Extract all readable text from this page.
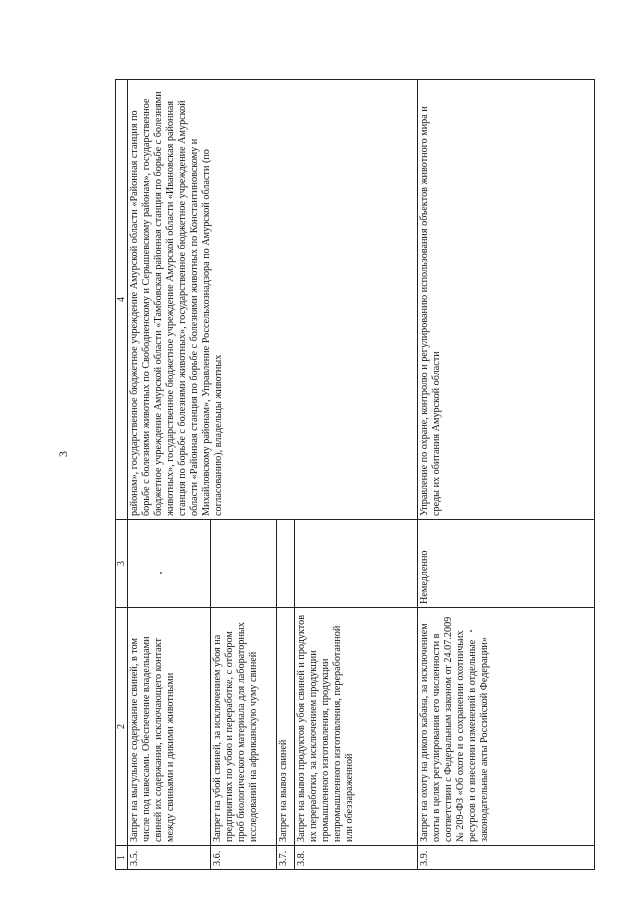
3
1	2	3	4
3.5.	Запрет на выгульное содержание свиней, в том числе под навесами. Обеспечение владельцами свиней их содержания, исключающего контакт между свиньями и дикими животными		районам», государственное бюджетное учреждение Амурской области «Районная станция по борьбе с болезнями животных по Свободненскому и Серышевскому районам», государственное бюджетное учреждение Амурской области «Тамбовская районная станция по борьбе с болезнями животных», государственное бюджетное учреждение Амурской области «Ивановская районная станция по борьбе с болезнями животных», государственное бюджетное учреждение Амурской области «Районная станция по борьбе с болезнями животных по Константиновскому и Михайловскому районам», Управление Россельхознадзора по Амурской области (по согласованию), владельцы животных
3.6.	Запрет на убой свиней, за исключением убоя на предприятиях по убою и переработке, с отбором проб биологического материала для лабораторных исследований на африканскую чуму свиней		
3.7.	Запрет на вывоз свиней		
3.8.	Запрет на вывоз продуктов убоя свиней и продуктов их переработки, за исключением продукции промышленного изготовления, продукции непромышленного изготовления, переработанной или обеззараженной		
3.9.	Запрет на охоту на дикого кабана, за исключением охоты в целях регулирования его численности в соответствии с Федеральным законом от 24.07.2009 № 209-ФЗ «Об охоте и о сохранении охотничьих ресурсов и о внесении изменений в отдельные законодательные акты Российской Федерации»	Немедленно	Управление по охране, контролю и регулированию использования объектов животного мира и среды их обитания Амурской области
